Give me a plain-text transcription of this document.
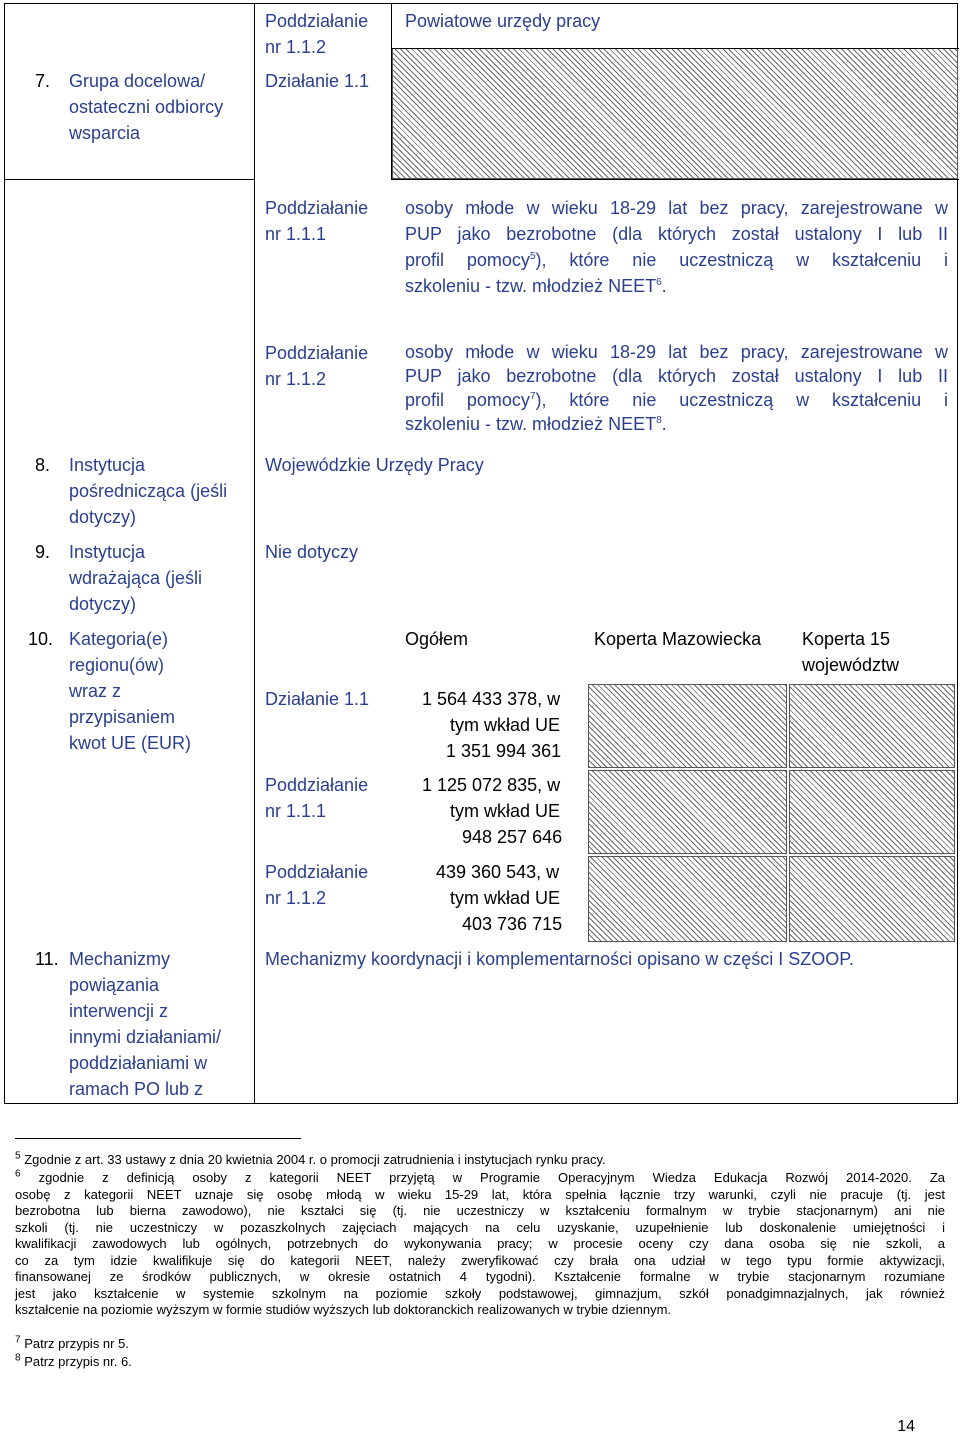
7. Grupa docelowa/
ostateczni odbiorcy
wsparcia
Poddziałanie
nr 1.1.2
Działanie 1.1
Powiatowe urzędy pracy
Poddziałanie
nr 1.1.1
osoby młode w wieku 18-29 lat bez pracy, zarejestrowane w
PUP jako bezrobotne (dla których został ustalony I lub II
profil pomocy$^5$), które nie uczestniczą w kształceniu i
szkoleniu - tzw. młodzież NEET$^6$.
Poddziałanie
nr 1.1.2
osoby młode w wieku 18-29 lat bez pracy, zarejestrowane w
PUP jako bezrobotne (dla których został ustalony I lub II
profil pomocy$^7$), które nie uczestniczą w kształceniu i
szkoleniu - tzw. młodzież NEET$^8$.
8. Instytucja
pośrednicząca (jeśli
dotyczy)
Wojewódzkie Urzędy Pracy
9. Instytucja
wdrażająca (jeśli
dotyczy)
Nie dotyczy
10. Kategoria(e)
regionu(ów)
wraz z
przypisaniem
kwot UE (EUR)
Ogółem	Koperta Mazowiecka Koperta 15
województw
Działanie 1.1
Poddziałanie
nr 1.1.1
Poddziałanie
nr 1.1.2
1 564 433 378, w
tym wkład UE
1 351 994 361
1 125 072 835, w
tym wkład UE
948 257 646
439 360 543, w
tym wkład UE
403 736 715
11. Mechanizmy
powiązania
interwencji z
innymi działaniami/
poddziałaniami w
ramach PO lub z
Mechanizmy koordynacji i komplementarności opisano w części I SZOOP.
$^5$ Zgodnie z art. 33 ustawy z dnia 20 kwietnia 2004 r. o promocji zatrudnienia i instytucjach rynku pracy.
$^6$ zgodnie z definicją osoby z kategorii NEET przyjętą w Programie Operacyjnym Wiedza Edukacja Rozwój 2014-2020. Za
osobę z kategorii NEET uznaje się osobę młodą w wieku 15-29 lat, która spełnia łącznie trzy warunki, czyli nie pracuje (tj. jest
bezrobotna lub bierna zawodowo), nie kształci się (tj. nie uczestniczy w kształceniu formalnym w trybie stacjonarnym) ani nie
szkoli (tj. nie uczestniczy w pozaszkolnych zajęciach mających na celu uzyskanie, uzupełnienie lub doskonalenie umiejętności i
kwalifikacji zawodowych lub ogólnych, potrzebnych do wykonywania pracy; w procesie oceny czy dana osoba się nie szkoli, a
co za tym idzie kwalifikuje się do kategorii NEET, należy zweryfikować czy brała ona udział w tego typu formie aktywizacji,
finansowanej ze środków publicznych, w okresie ostatnich 4 tygodni). Kształcenie formalne w trybie stacjonarnym rozumiane
jest jako kształcenie w systemie szkolnym na poziomie szkoły podstawowej, gimnazjum, szkół ponadgimnazjalnych, jak również
kształcenie na poziomie wyższym w formie studiów wyższych lub doktoranckich realizowanych w trybie dziennym.
$^7$ Patrz przypis nr 5.
$^8$ Patrz przypis nr. 6.
14
